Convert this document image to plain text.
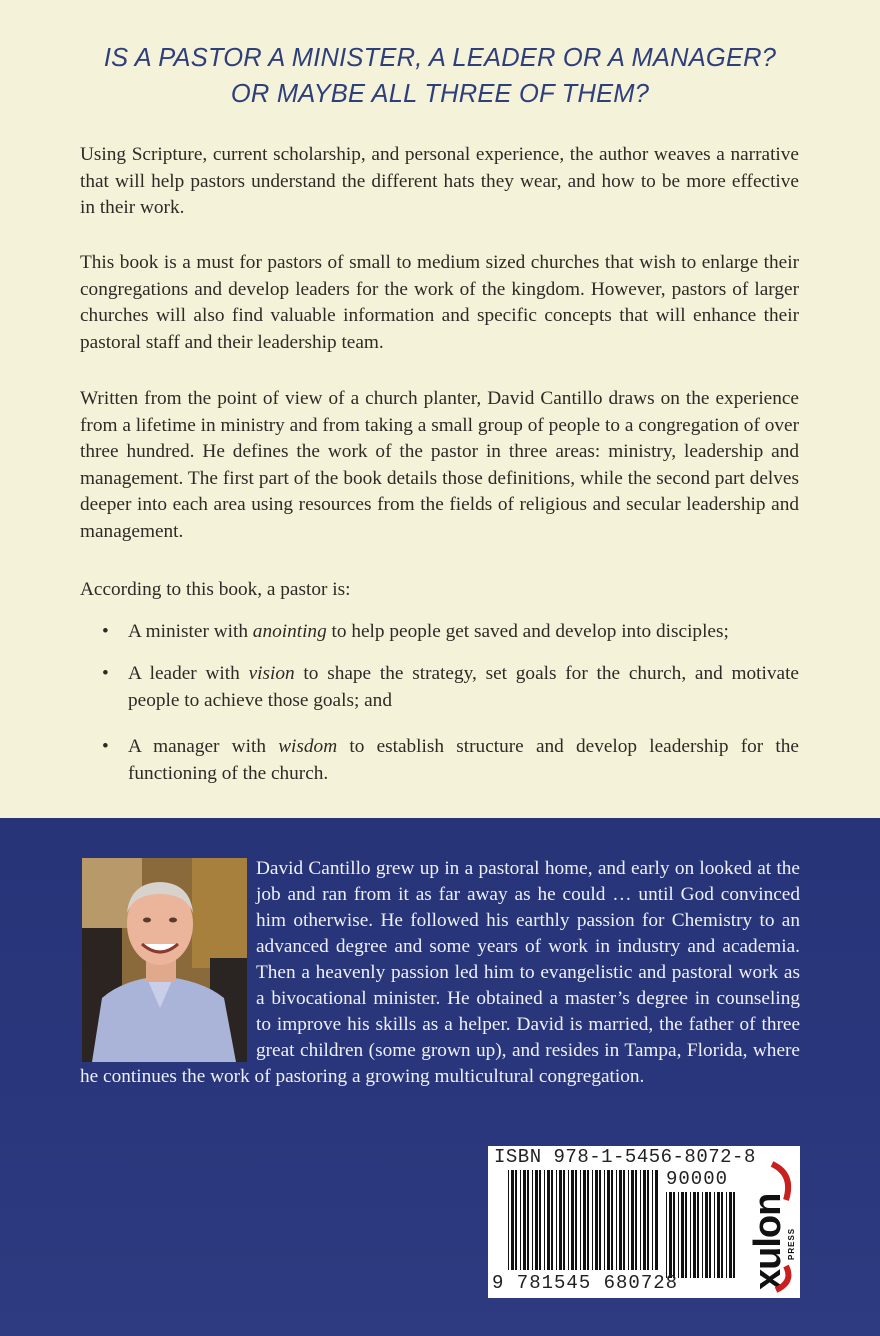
IS A PASTOR A MINISTER, A LEADER OR A MANAGER?

OR MAYBE ALL THREE OF THEM?

Using Scripture, current scholarship, and personal experience, the author weaves a narrative that will help pastors understand the different hats they wear, and how to be more effective in their work.

This book is a must for pastors of small to medium sized churches that wish to enlarge their congregations and develop leaders for the work of the kingdom. However, pastors of larger churches will also find valuable information and specific concepts that will enhance their pastoral staff and their leadership team.

Written from the point of view of a church planter, David Cantillo draws on the experience from a lifetime in ministry and from taking a small group of people to a congregation of over three hundred. He defines the work of the pastor in three areas: ministry, leadership and management. The first part of the book details those definitions, while the second part delves deeper into each area using resources from the fields of religious and secular leadership and management.

According to this book, a pastor is:

• A minister with anointing to help people get saved and develop into disciples;

• A leader with vision to shape the strategy, set goals for the church, and motivate people to achieve those goals; and

• A manager with wisdom to establish structure and develop leadership for the functioning of the church.

David Cantillo grew up in a pastoral home, and early on looked at the job and ran from it as far away as he could … until God convinced him otherwise. He followed his earthly passion for Chemistry to an advanced degree and some years of work in industry and academia. Then a heavenly passion led him to evangelistic and pastoral work as a bivocational minister. He obtained a master’s degree in counseling to improve his skills as a helper. David is married, the father of three great children (some grown up), and resides in Tampa, Florida, where he continues the work of pastoring a growing multicultural congregation.

ISBN 978-1-5456-8072-8

90000

9 781545 680728 xulon
PRESS
